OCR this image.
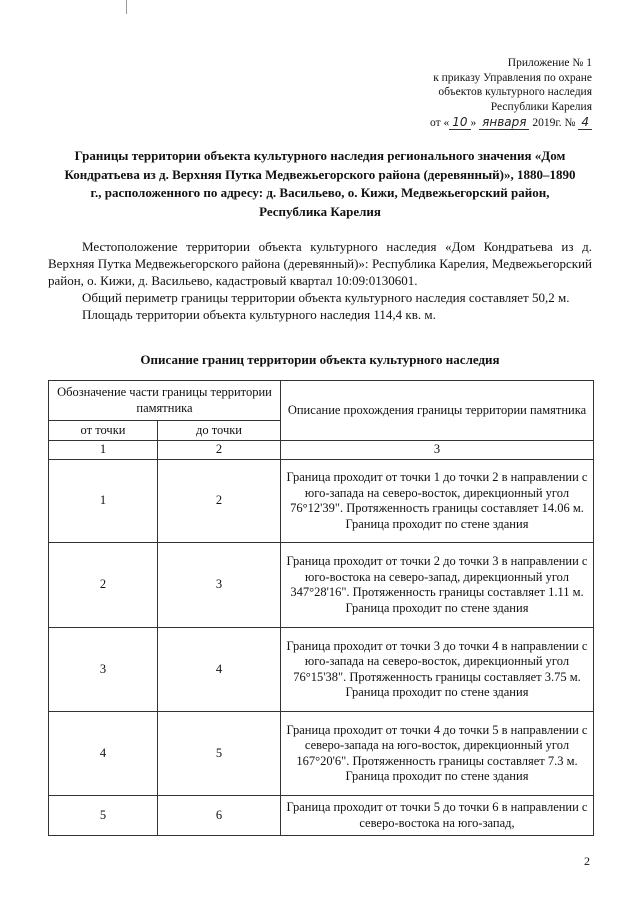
Приложение № 1
к приказу Управления по охране
объектов культурного наследия
Республики Карелия
от « 10 » января 2019г. № 4
Границы территории объекта культурного наследия регионального значения «Дом Кондратьева из д. Верхняя Путка Медвежьегорского района (деревянный)», 1880–1890 г., расположенного по адресу: д. Васильево, о. Кижи, Медвежьегорский район, Республика Карелия

Местоположение территории объекта культурного наследия «Дом Кондратьева из д. Верхняя Путка Медвежьегорского района (деревянный)»: Республика Карелия, Медвежьегорский район, о. Кижи, д. Васильево, кадастровый квартал 10:09:0130601.

Общий периметр границы территории объекта культурного наследия составляет 50,2 м.

Площадь территории объекта культурного наследия 114,4 кв. м.

Описание границ территории объекта культурного наследия
Обозначение части границы территории памятника		Описание прохождения границы территории памятника
от точки	до точки	
1	2	3
1	2	Граница проходит от точки 1 до точки 2 в направлении с юго-запада на северо-восток, дирекционный угол 76°12'39". Протяженность границы составляет 14.06 м. Граница проходит по стене здания
2	3	Граница проходит от точки 2 до точки 3 в направлении с юго-востока на северо-запад, дирекционный угол 347°28'16". Протяженность границы составляет 1.11 м. Граница проходит по стене здания
3	4	Граница проходит от точки 3 до точки 4 в направлении с юго-запада на северо-восток, дирекционный угол 76°15'38". Протяженность границы составляет 3.75 м. Граница проходит по стене здания
4	5	Граница проходит от точки 4 до точки 5 в направлении с северо-запада на юго-восток, дирекционный угол 167°20'6". Протяженность границы составляет 7.3 м. Граница проходит по стене здания
5	6	Граница проходит от точки 5 до точки 6 в направлении с северо-востока на юго-запад,
2
